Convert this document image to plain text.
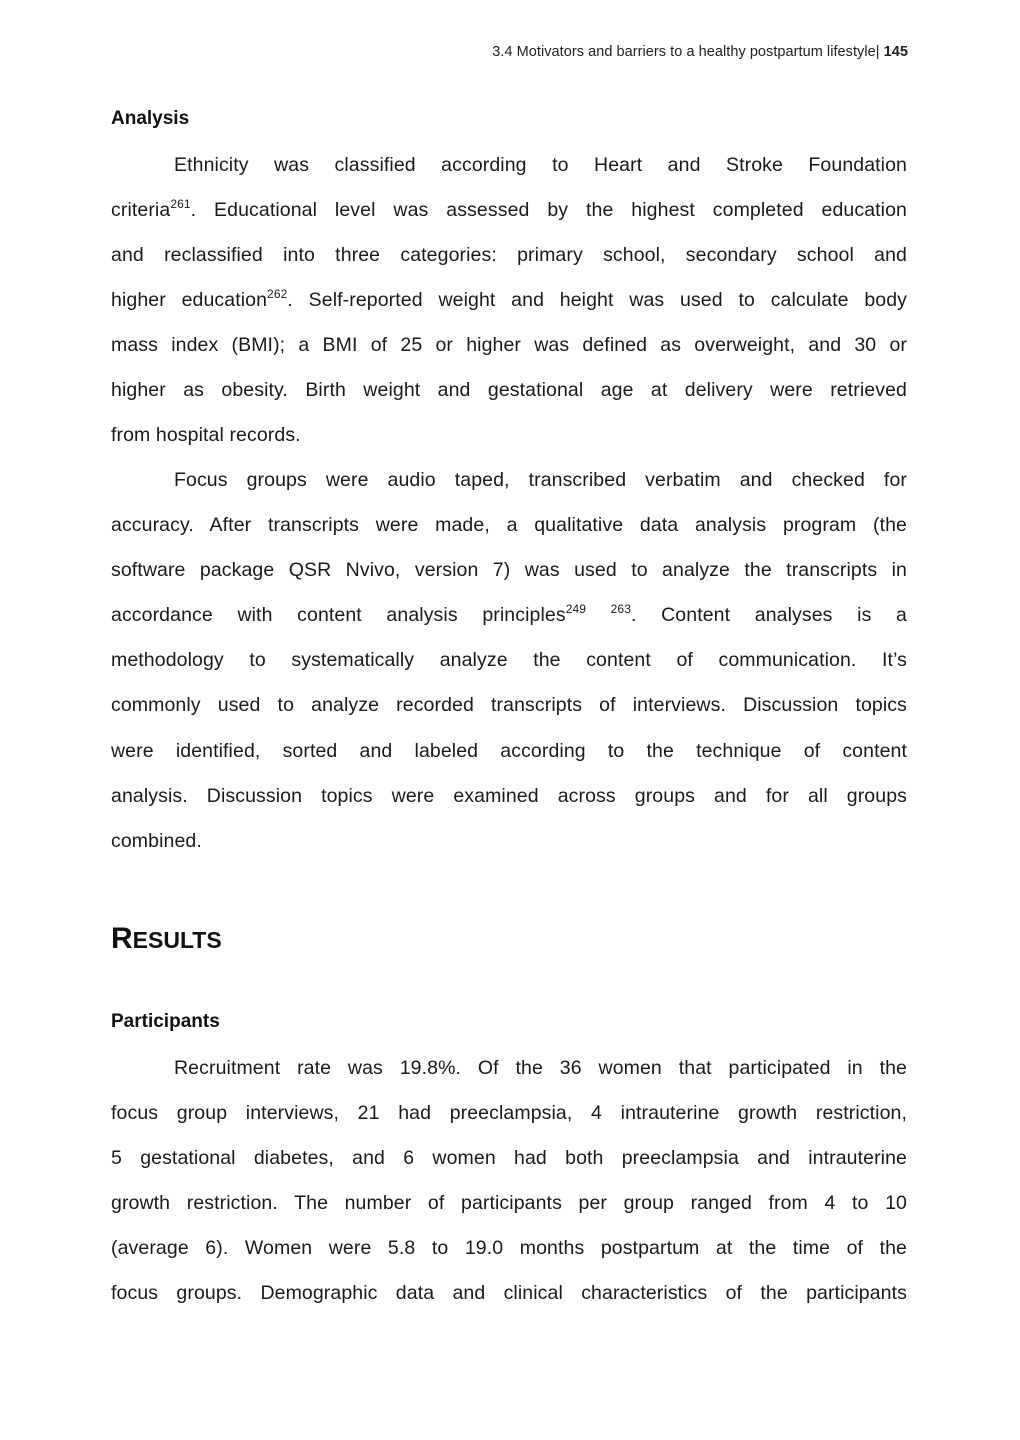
3.4 Motivators and barriers to a healthy postpartum lifestyle| 145
Analysis
Ethnicity was classified according to Heart and Stroke Foundation
criteria$^{261}$. Educational level was assessed by the highest completed education
and reclassified into three categories: primary school, secondary school and
higher education$^{262}$. Self-reported weight and height was used to calculate body
mass index (BMI); a BMI of 25 or higher was defined as overweight, and 30 or
higher as obesity. Birth weight and gestational age at delivery were retrieved
from hospital records.
Focus groups were audio taped, transcribed verbatim and checked for
accuracy. After transcripts were made, a qualitative data analysis program (the
software package QSR Nvivo, version 7) was used to analyze the transcripts in
accordance with content analysis principles$^{249}$ $^{263}$. Content analyses is a
methodology to systematically analyze the content of communication. It’s
commonly used to analyze recorded transcripts of interviews. Discussion topics
were identified, sorted and labeled according to the technique of content
analysis. Discussion topics were examined across groups and for all groups
combined.
RESULTS
Participants
Recruitment rate was 19.8%. Of the 36 women that participated in the
focus group interviews, 21 had preeclampsia, 4 intrauterine growth restriction,
5 gestational diabetes, and 6 women had both preeclampsia and intrauterine
growth restriction. The number of participants per group ranged from 4 to 10
(average 6). Women were 5.8 to 19.0 months postpartum at the time of the
focus groups. Demographic data and clinical characteristics of the participants
